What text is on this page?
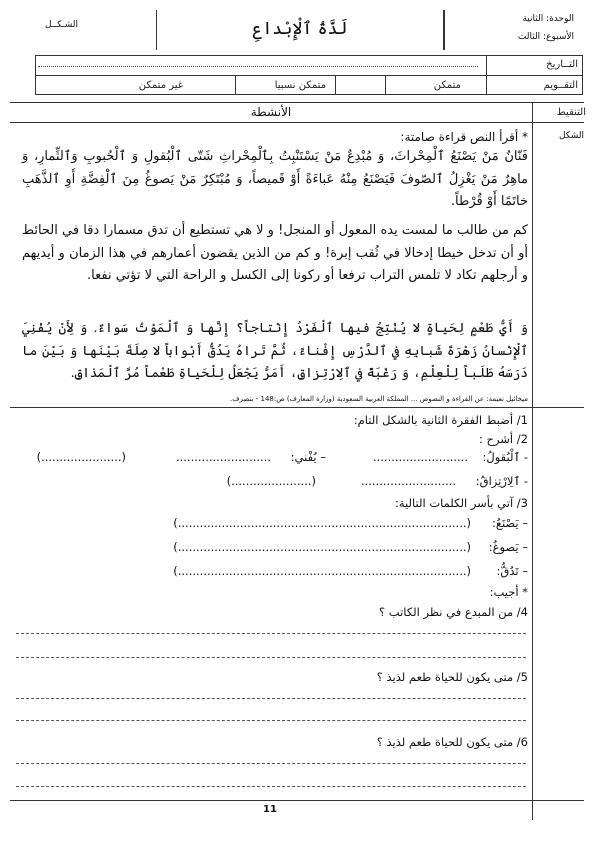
الوحدة: الثانية
الأسبوع: الثالث
لَذَّةُ ٱلْإِبْداعِ
الشـكــل
التــاريخ
التقــويم
متمكن
متمكن نسبيا
غير متمكن
التنقيط
الأنشطة
الشكل
* أقرأ النص قراءة صامتة:
فَنّانٌ مَنْ يَصْنَعُ ٱلْمِحْراثَ، وَ مُبْدِعٌ مَنْ يَسْتَنْبِتُ بِٱلْمِحْراثِ شَتّى ٱلْبُقولِ وَ ٱلْحُبوبِ وَٱلثِّمارِ، وَ ماهِرٌ مَنْ يَغْزِلُ ٱلصّوفَ فَيَصْنَعُ مِنْهُ عَباءَةً أَوْ قَميصاً، وَ مُبْتَكِرٌ مَنْ يَصوغُ مِنَ ٱلْفِضَّةِ أَوِ ٱلذَّهَبِ خاتَمًا أَوْ قُرْطاً.
كم من طالب ما لمست يده المعول أو المنجل! و لا هي تستطيع أن تدق مسمارا دقا في الحائط أو أن تدخل خيطا إدخالا في ثُقب إبرة! و كم من الذين يقضون أعمارهم في هذا الزمان و أيديهم و أرجلهم تكاد لا تلمس التراب ترفعا أو ركونا إلى الكسل و الراحة التي لا تؤتي نفعا.
وَ أَيُّ طَعْمٍ لِحَياةٍ لا يُنْتِجُ فيها ٱلْفَرْدُ إِنْتاجاً؟ إِنَّها وَ ٱلْمَوْتُ سَواءٌ. وَ لِأَنْ يُفْنِيَ ٱلْإِنْسانُ زَهْرَةَ شَبابِهِ في ٱلدَّرْسِ إِفْناءً، ثُمَّ تَراهُ يَدُقُّ أَبْواباً لا صِلَةَ بَيْنَها وَ بَيْنَ ما دَرَسَهُ طَلَباً لِلْعِلْمِ، وَ رَغْبَةً في ٱلِارْتِزاقِ، أَمَرُّ يَجْعَلُ لِلْحَياةِ طَعْماً مُرَّ ٱلْمَذاقِ.
ميخائيل نعيمة: عن القراءة و النصوص ... المملكة العربية السعودية (وزارة المعارف) ص:148 - بتصرف.
1/ أضبط الفقرة الثانية بالشكل التام:
2/ أشرح :
- ٱلْبُقولُ:
..........................
– يُفْني:
..........................
(......................)
- ٱلِارْتِزاقُ:
..........................
(......................)
3/ آتي بأسر الكلمات التالية:
– يَصْنَعُ:
(...............................................................................)
– يَصوغُ:
(...............................................................................)
– تَدُقُّ:
(...............................................................................)
* أجيب:
4/ من المبدع في نظر الكاتب ؟
5/ متى يكون للحياة طعم لذيذ ؟
6/ متى يكون للحياة طعم لذيذ ؟
11
